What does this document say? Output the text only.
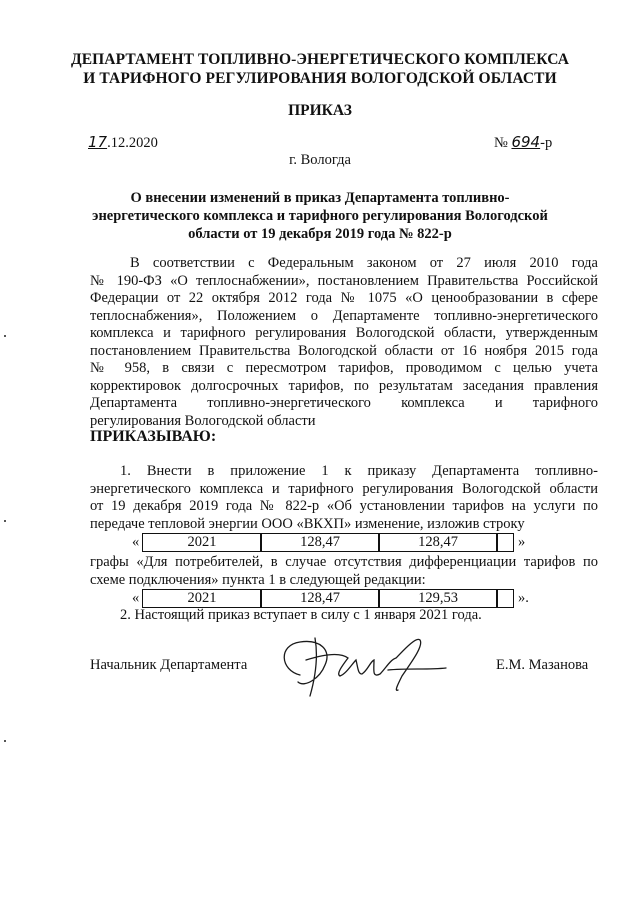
ДЕПАРТАМЕНТ ТОПЛИВНО-ЭНЕРГЕТИЧЕСКОГО КОМПЛЕКСА
И ТАРИФНОГО РЕГУЛИРОВАНИЯ ВОЛОГОДСКОЙ ОБЛАСТИ
ПРИКАЗ
17.12.2020	№ 694-р
г. Вологда
О внесении изменений в приказ Департамента топливно-
энергетического комплекса и тарифного регулирования Вологодской
области от 19 декабря 2019 года № 822-р
В соответствии с Федеральным законом от 27 июля 2010 года
№ 190-ФЗ «О теплоснабжении», постановлением Правительства Российской
Федерации от 22 октября 2012 года № 1075 «О ценообразовании в сфере
теплоснабжения», Положением о Департаменте топливно-энергетического
комплекса и тарифного регулирования Вологодской области, утвержденным
постановлением Правительства Вологодской области от 16 ноября 2015 года
№ 958, в связи с пересмотром тарифов, проводимом с целью учета
корректировок долгосрочных тарифов, по результатам заседания правления
Департамента топливно-энергетического комплекса и тарифного
регулирования Вологодской области
ПРИКАЗЫВАЮ:
1. Внести в приложение 1 к приказу Департамента топливно-
энергетического комплекса и тарифного регулирования Вологодской области
от 19 декабря 2019 года № 822-р «Об установлении тарифов на услуги по
передаче тепловой энергии ООО «ВКХП» изменение, изложив строку
«	2021	128,47	128,47	»
графы «Для потребителей, в случае отсутствия дифференциации тарифов по
схеме подключения» пункта 1 в следующей редакции:
«	2021	128,47	129,53	».
2. Настоящий приказ вступает в силу с 1 января 2021 года.
Начальник Департамента	Е.М. Мазанова
